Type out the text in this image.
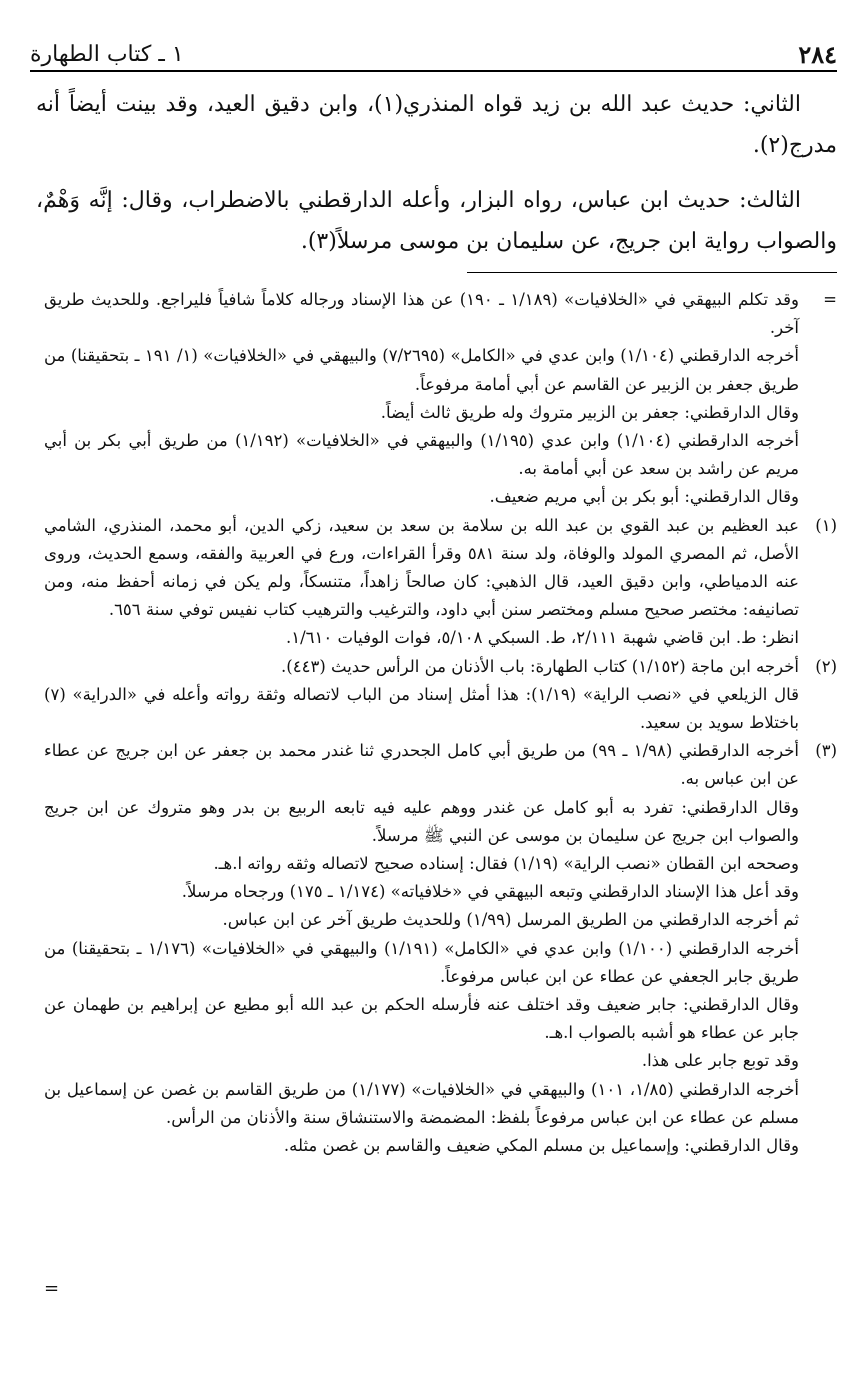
٢٨٤
١ ـ كتاب الطهارة

الثاني: حديث عبد الله بن زيد قواه المنذري(١)، وابن دقيق العيد، وقد بينت أيضاً أنه مدرج(٢).

الثالث: حديث ابن عباس، رواه البزار، وأعله الدارقطني بالاضطراب، وقال: إنَّه وَهْمٌ، والصواب رواية ابن جريج، عن سليمان بن موسى مرسلاً(٣).

=
وقد تكلم البيهقي في «الخلافيات» (١/١٨٩ ـ ١٩٠) عن هذا الإسناد ورجاله كلاماً شافياً فليراجع. وللحديث طريق آخر.

أخرجه الدارقطني (١/١٠٤) وابن عدي في «الكامل» (٧/٢٦٩٥) والبيهقي في «الخلافيات» (١/ ١٩١ ـ بتحقيقنا) من طريق جعفر بن الزبير عن القاسم عن أبي أمامة مرفوعاً.

وقال الدارقطني: جعفر بن الزبير متروك وله طريق ثالث أيضاً.

أخرجه الدارقطني (١/١٠٤) وابن عدي (١/١٩٥) والبيهقي في «الخلافيات» (١/١٩٢) من طريق أبي بكر بن أبي مريم عن راشد بن سعد عن أبي أمامة به.

وقال الدارقطني: أبو بكر بن أبي مريم ضعيف.

(١)
عبد العظيم بن عبد القوي بن عبد الله بن سلامة بن سعد بن سعيد، زكي الدين، أبو محمد، المنذري، الشامي الأصل، ثم المصري المولد والوفاة، ولد سنة ٥٨١ وقرأ القراءات، ورع في العربية والفقه، وسمع الحديث، وروى عنه الدمياطي، وابن دقيق العيد، قال الذهبي: كان صالحاً زاهداً، متنسكاً، ولم يكن في زمانه أحفظ منه، ومن تصانيفه: مختصر صحيح مسلم ومختصر سنن أبي داود، والترغيب والترهيب كتاب نفيس توفي سنة ٦٥٦.

انظر: ط. ابن قاضي شهبة ٢/١١١، ط. السبكي ٥/١٠٨، فوات الوفيات ١/٦١٠.

(٢)
أخرجه ابن ماجة (١/١٥٢) كتاب الطهارة: باب الأذنان من الرأس حديث (٤٤٣).

قال الزيلعي في «نصب الراية» (١/١٩): هذا أمثل إسناد من الباب لاتصاله وثقة رواته وأعله في «الدراية» (٧) باختلاط سويد بن سعيد.

(٣)
أخرجه الدارقطني (١/٩٨ ـ ٩٩) من طريق أبي كامل الجحدري ثنا غندر محمد بن جعفر عن ابن جريج عن عطاء عن ابن عباس به.

وقال الدارقطني: تفرد به أبو كامل عن غندر ووهم عليه فيه تابعه الربيع بن بدر وهو متروك عن ابن جريج والصواب ابن جريج عن سليمان بن موسى عن النبي ﷺ مرسلاً.

وصححه ابن القطان «نصب الراية» (١/١٩) فقال: إسناده صحيح لاتصاله وثقه رواته ا.هـ.

وقد أعل هذا الإسناد الدارقطني وتبعه البيهقي في «خلافياته» (١/١٧٤ ـ ١٧٥) ورجحاه مرسلاً.

ثم أخرجه الدارقطني من الطريق المرسل (١/٩٩) وللحديث طريق آخر عن ابن عباس.

أخرجه الدارقطني (١/١٠٠) وابن عدي في «الكامل» (١/١٩١) والبيهقي في «الخلافيات» (١/١٧٦ ـ بتحقيقنا) من طريق جابر الجعفي عن عطاء عن ابن عباس مرفوعاً.

وقال الدارقطني: جابر ضعيف وقد اختلف عنه فأرسله الحكم بن عبد الله أبو مطيع عن إبراهيم بن طهمان عن جابر عن عطاء هو أشبه بالصواب ا.هـ.

وقد توبع جابر على هذا.

أخرجه الدارقطني (١/٨٥، ١٠١) والبيهقي في «الخلافيات» (١/١٧٧) من طريق القاسم بن غصن عن إسماعيل بن مسلم عن عطاء عن ابن عباس مرفوعاً بلفظ: المضمضة والاستنشاق سنة والأذنان من الرأس.

وقال الدارقطني: وإسماعيل بن مسلم المكي ضعيف والقاسم بن غصن مثله.

=
